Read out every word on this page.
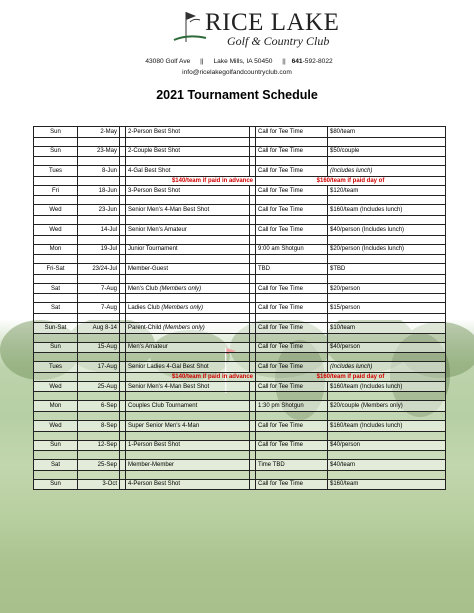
RICE LAKE
Golf & Country Club
43080 Golf Ave || Lake Mills, IA 50450 || 641-592-8022
info@ricelakegolfandcountryclub.com
2021 Tournament Schedule
Sun	2-May		2-Person Best Shot		Call for Tee Time	$80/team

Sun	23-May		2-Couple Best Shot		Call for Tee Time	$50/couple

Tues	8-Jun		4-Gal Best Shot		Call for Tee Time	(Includes lunch)
			$140/team if paid in advance		$160/team if paid day of	
Fri	18-Jun		3-Person Best Shot		Call for Tee Time	$120/team

Wed	23-Jun		Senior Men's 4-Man Best Shot		Call for Tee Time	$160/team (Includes lunch)

Wed	14-Jul		Senior Men's Amateur		Call for Tee Time	$40/person (Includes lunch)

Mon	19-Jul		Junior Tournament		9:00 am Shotgun	$20/person (Includes lunch)

Fri-Sat	23/24-Jul		Member-Guest		TBD	$TBD

Sat	7-Aug		Men's Club (Members only)		Call for Tee Time	$20/person

Sat	7-Aug		Ladies Club (Members only)		Call for Tee Time	$15/person

Sun-Sat	Aug 8-14		Parent-Child (Members only)		Call for Tee Time	$10/team

Sun	15-Aug		Men's Amateur		Call for Tee Time	$40/person

Tues	17-Aug		Senior Ladies 4-Gal Best Shot		Call for Tee Time	(Includes lunch)
			$140/team if paid in advance		$160/team if paid day of	
Wed	25-Aug		Senior Men's 4-Man Best Shot		Call for Tee Time	$160/team (Includes lunch)

Mon	6-Sep		Couples Club Tournament		1:30 pm Shotgun	$20/couple (Members only)

Wed	8-Sep		Super Senior Men's 4-Man		Call for Tee Time	$160/team (Includes lunch)

Sun	12-Sep		1-Person Best Shot		Call for Tee Time	$40/person

Sat	25-Sep		Member-Member		Time TBD	$40/team

Sun	3-Oct		4-Person Best Shot		Call for Tee Time	$160/team
